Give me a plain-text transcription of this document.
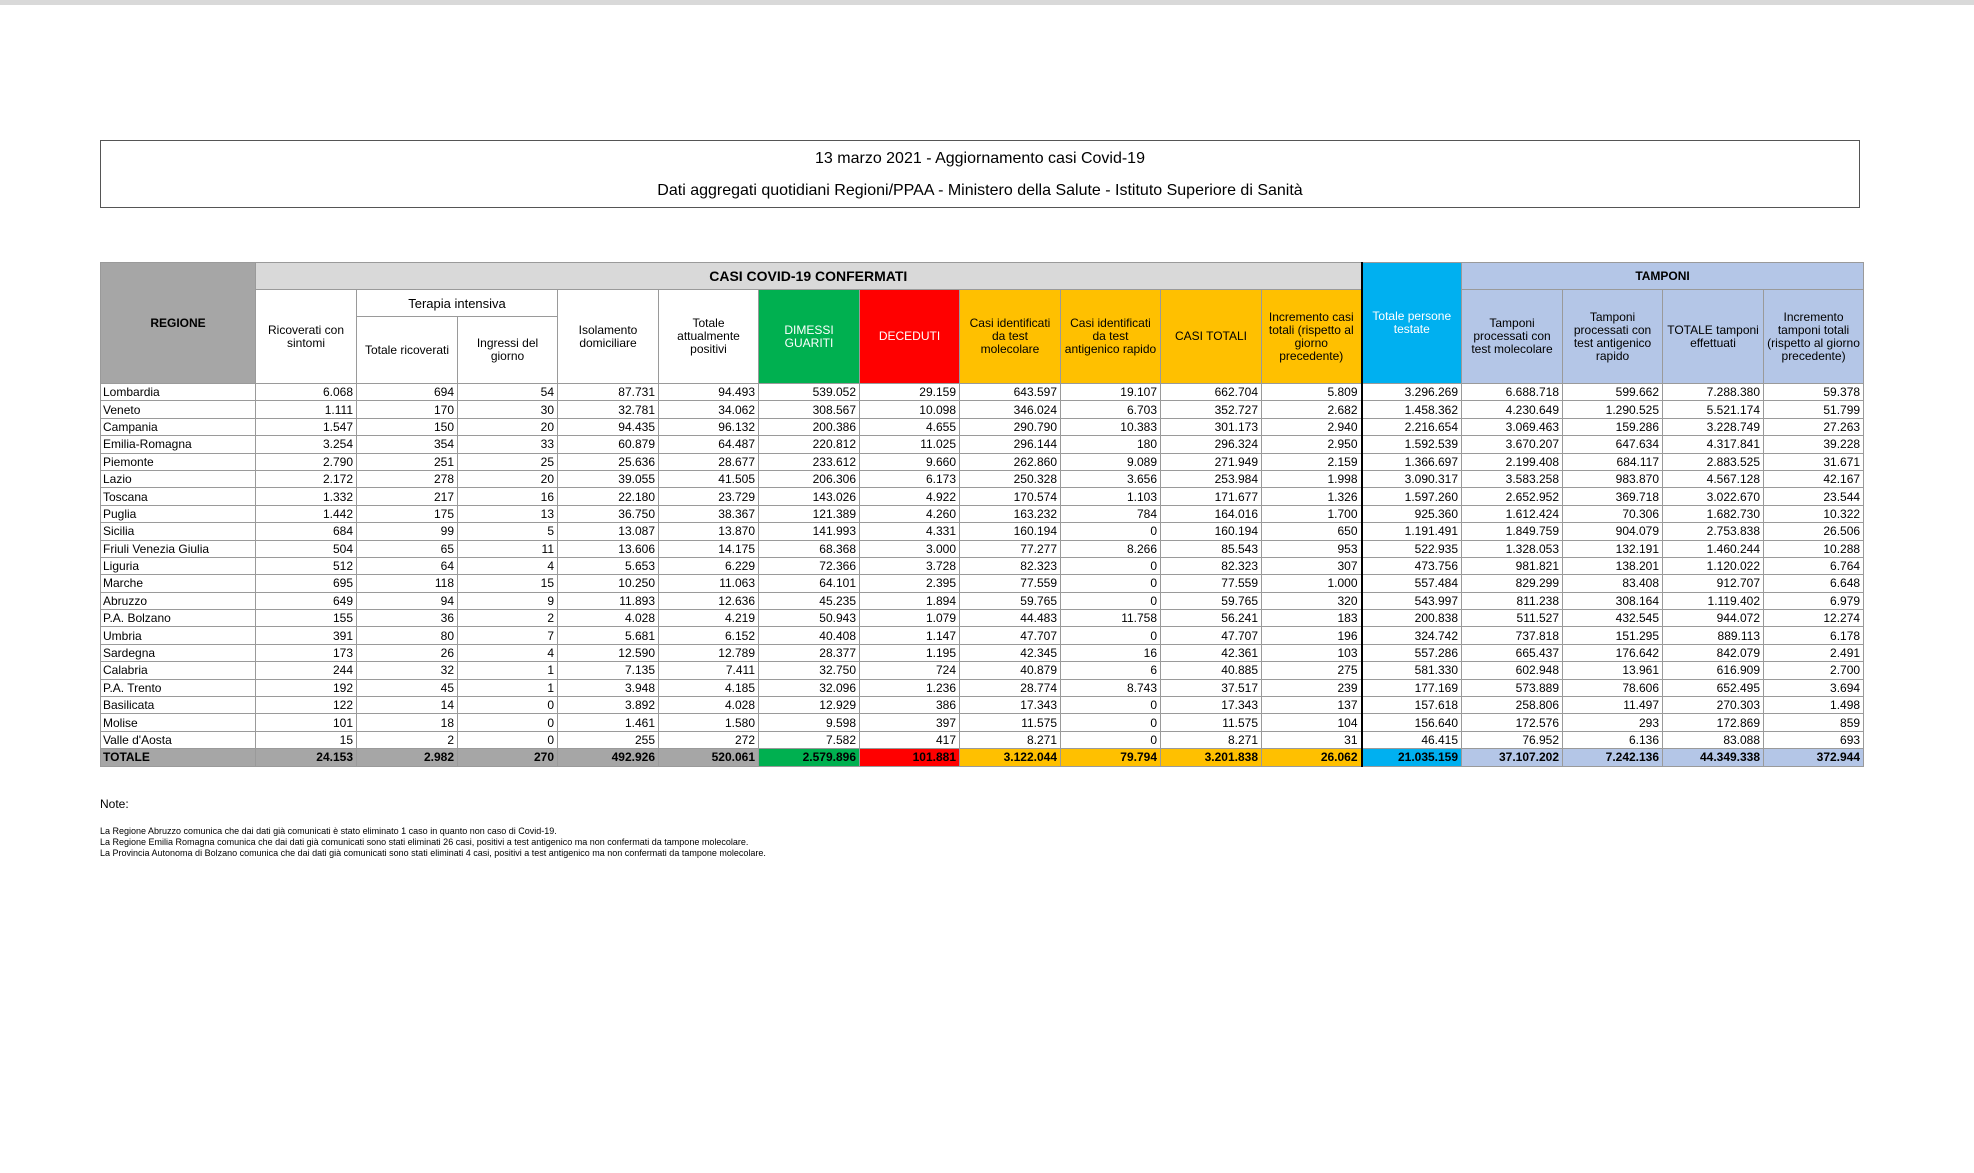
13 marzo 2021 - Aggiornamento casi Covid-19
Dati aggregati quotidiani Regioni/PPAA - Ministero della Salute - Istituto Superiore di Sanità
REGIONE	CASI COVID-19 CONFERMATI											Totale persone testate	TAMPONI			
	Ricoverati con sintomi	Terapia intensiva		Isolamento domiciliare	Totale attualmente positivi	DIMESSI GUARITI	DECEDUTI	Casi identificati da test molecolare	Casi identificati da test antigenico rapido	CASI TOTALI	Incremento casi totali (rispetto al giorno precedente)		Tamponi processati con test molecolare	Tamponi processati con test antigenico rapido	TOTALE tamponi effettuati	Incremento tamponi totali (rispetto al giorno precedente)
		Totale ricoverati	Ingressi del giorno													
Lombardia	6.068	694	54	87.731	94.493	539.052	29.159	643.597	19.107	662.704	5.809	3.296.269	6.688.718	599.662	7.288.380	59.378
Veneto	1.111	170	30	32.781	34.062	308.567	10.098	346.024	6.703	352.727	2.682	1.458.362	4.230.649	1.290.525	5.521.174	51.799
Campania	1.547	150	20	94.435	96.132	200.386	4.655	290.790	10.383	301.173	2.940	2.216.654	3.069.463	159.286	3.228.749	27.263
Emilia-Romagna	3.254	354	33	60.879	64.487	220.812	11.025	296.144	180	296.324	2.950	1.592.539	3.670.207	647.634	4.317.841	39.228
Piemonte	2.790	251	25	25.636	28.677	233.612	9.660	262.860	9.089	271.949	2.159	1.366.697	2.199.408	684.117	2.883.525	31.671
Lazio	2.172	278	20	39.055	41.505	206.306	6.173	250.328	3.656	253.984	1.998	3.090.317	3.583.258	983.870	4.567.128	42.167
Toscana	1.332	217	16	22.180	23.729	143.026	4.922	170.574	1.103	171.677	1.326	1.597.260	2.652.952	369.718	3.022.670	23.544
Puglia	1.442	175	13	36.750	38.367	121.389	4.260	163.232	784	164.016	1.700	925.360	1.612.424	70.306	1.682.730	10.322
Sicilia	684	99	5	13.087	13.870	141.993	4.331	160.194	0	160.194	650	1.191.491	1.849.759	904.079	2.753.838	26.506
Friuli Venezia Giulia	504	65	11	13.606	14.175	68.368	3.000	77.277	8.266	85.543	953	522.935	1.328.053	132.191	1.460.244	10.288
Liguria	512	64	4	5.653	6.229	72.366	3.728	82.323	0	82.323	307	473.756	981.821	138.201	1.120.022	6.764
Marche	695	118	15	10.250	11.063	64.101	2.395	77.559	0	77.559	1.000	557.484	829.299	83.408	912.707	6.648
Abruzzo	649	94	9	11.893	12.636	45.235	1.894	59.765	0	59.765	320	543.997	811.238	308.164	1.119.402	6.979
P.A. Bolzano	155	36	2	4.028	4.219	50.943	1.079	44.483	11.758	56.241	183	200.838	511.527	432.545	944.072	12.274
Umbria	391	80	7	5.681	6.152	40.408	1.147	47.707	0	47.707	196	324.742	737.818	151.295	889.113	6.178
Sardegna	173	26	4	12.590	12.789	28.377	1.195	42.345	16	42.361	103	557.286	665.437	176.642	842.079	2.491
Calabria	244	32	1	7.135	7.411	32.750	724	40.879	6	40.885	275	581.330	602.948	13.961	616.909	2.700
P.A. Trento	192	45	1	3.948	4.185	32.096	1.236	28.774	8.743	37.517	239	177.169	573.889	78.606	652.495	3.694
Basilicata	122	14	0	3.892	4.028	12.929	386	17.343	0	17.343	137	157.618	258.806	11.497	270.303	1.498
Molise	101	18	0	1.461	1.580	9.598	397	11.575	0	11.575	104	156.640	172.576	293	172.869	859
Valle d'Aosta	15	2	0	255	272	7.582	417	8.271	0	8.271	31	46.415	76.952	6.136	83.088	693
TOTALE	24.153	2.982	270	492.926	520.061	2.579.896	101.881	3.122.044	79.794	3.201.838	26.062	21.035.159	37.107.202	7.242.136	44.349.338	372.944
Note:
La Regione Abruzzo comunica che dai dati già comunicati è stato eliminato 1 caso in quanto non caso di Covid-19.
La Regione Emilia Romagna comunica che dai dati già comunicati sono stati eliminati 26 casi, positivi a test antigenico ma non confermati da tampone molecolare.
La Provincia Autonoma di Bolzano comunica che dai dati già comunicati sono stati eliminati 4 casi, positivi a test antigenico ma non confermati da tampone molecolare.
